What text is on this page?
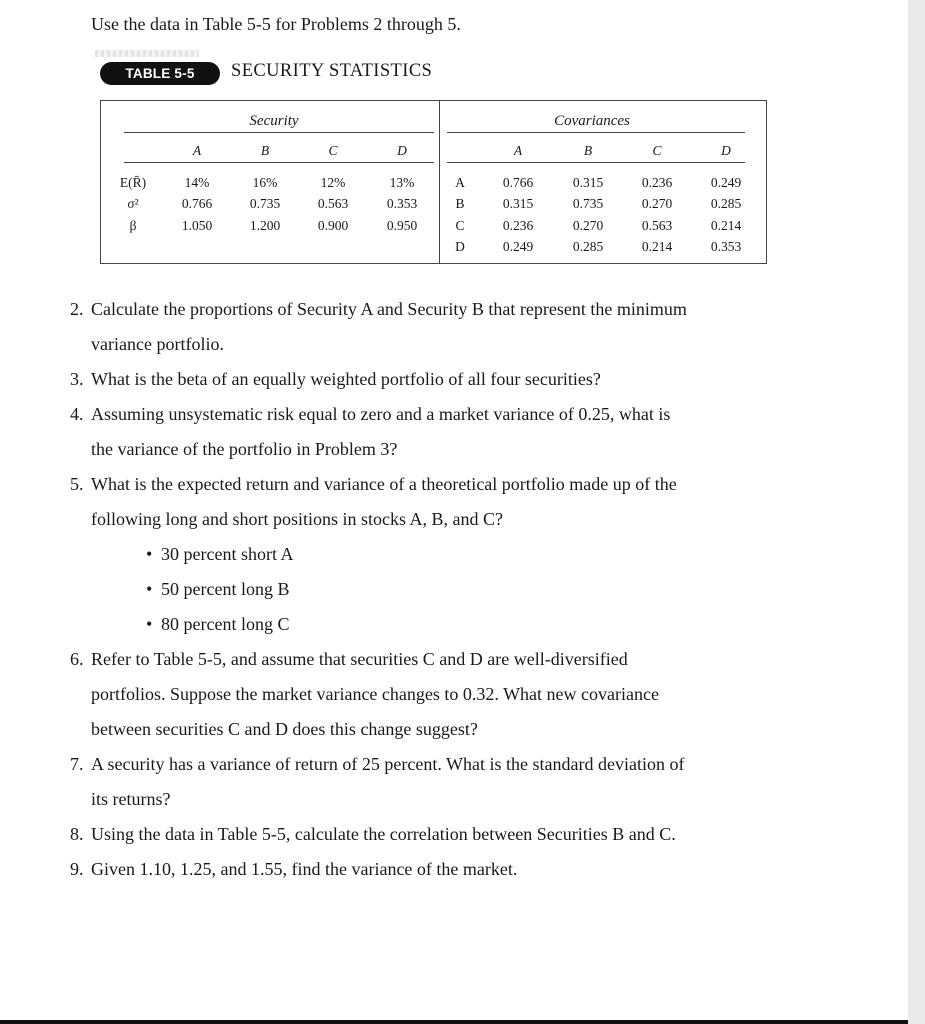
Use the data in Table 5-5 for Problems 2 through 5.
TABLE 5-5	SECURITY STATISTICS
Security	Covariances
A	B	C	D	A	B	C	D
E(R̄)	14%	16%	12%	13%
σ²	0.766	0.735	0.563	0.353
β	1.050	1.200	0.900	0.950
A	0.766	0.315	0.236	0.249
B	0.315	0.735	0.270	0.285
C	0.236	0.270	0.563	0.214
D	0.249	0.285	0.214	0.353
2. Calculate the proportions of Security A and Security B that represent the minimum
variance portfolio.
3. What is the beta of an equally weighted portfolio of all four securities?
4. Assuming unsystematic risk equal to zero and a market variance of 0.25, what is
the variance of the portfolio in Problem 3?
5. What is the expected return and variance of a theoretical portfolio made up of the
following long and short positions in stocks A, B, and C?
• 30 percent short A
• 50 percent long B
• 80 percent long C
6. Refer to Table 5-5, and assume that securities C and D are well-diversified
portfolios. Suppose the market variance changes to 0.32. What new covariance
between securities C and D does this change suggest?
7. A security has a variance of return of 25 percent. What is the standard deviation of
its returns?
8. Using the data in Table 5-5, calculate the correlation between Securities B and C.
9. Given 1.10, 1.25, and 1.55, find the variance of the market.
